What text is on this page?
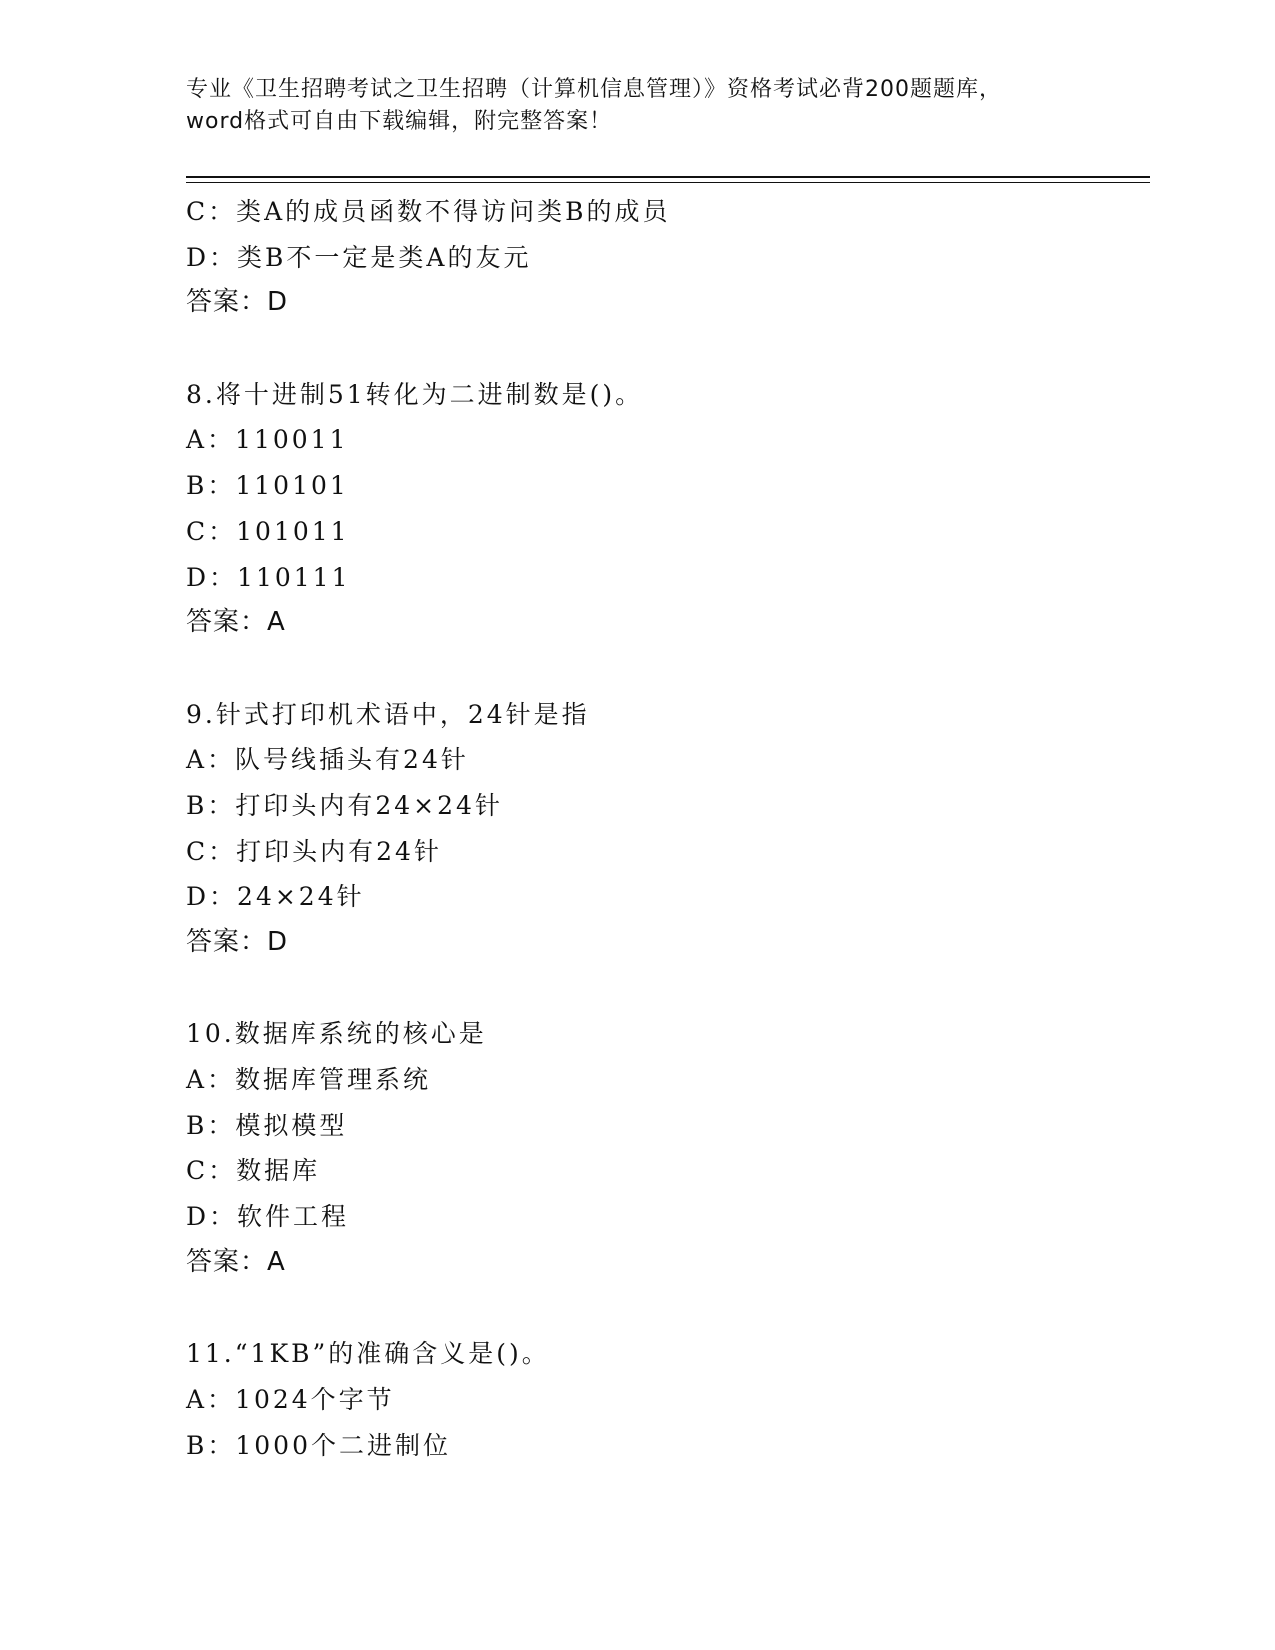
专业《卫生招聘考试之卫生招聘（计算机信息管理）》资格考试必背200题题库，
word格式可自由下载编辑，附完整答案！
C：类A的成员函数不得访问类B的成员
D：类B不一定是类A的友元
答案：D
8.将十进制51转化为二进制数是()。
A：110011
B：110101
C：101011
D：110111
答案：A
9.针式打印机术语中，24针是指
A：队号线插头有24针
B：打印头内有24×24针
C：打印头内有24针
D：24×24针
答案：D
10.数据库系统的核心是
A：数据库管理系统
B：模拟模型
C：数据库
D：软件工程
答案：A
11.“1KB”的准确含义是()。
A：1024个字节
B：1000个二进制位
